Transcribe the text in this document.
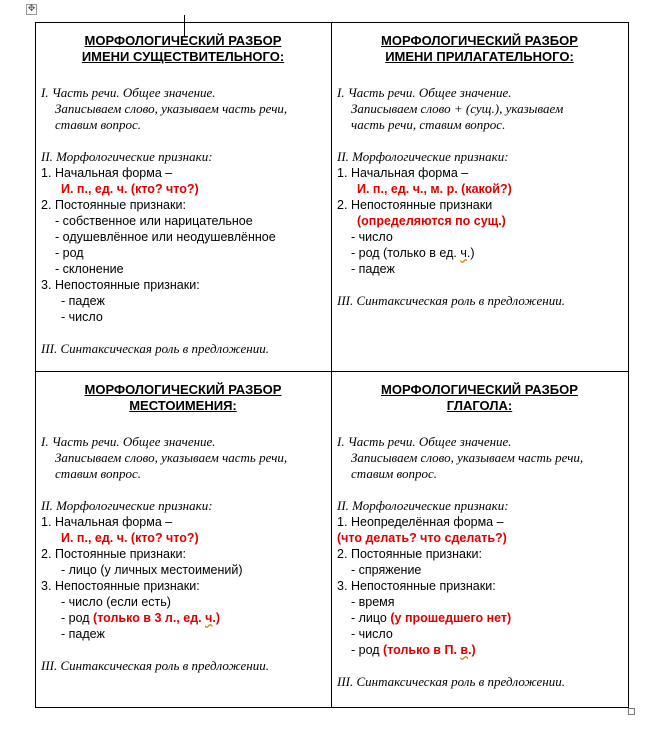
✥
МОРФОЛОГИЧЕСКИЙ РАЗБОР
ИМЕНИ СУЩЕСТВИТЕЛЬНОГО:
I. Часть речи. Общее значение.
Записываем слово, указываем часть речи,
ставим вопрос.
II. Морфологические признаки:
1. Начальная форма –
И. п., ед. ч. (кто? что?)
2. Постоянные признаки:
- собственное или нарицательное
- одушевлённое или неодушевлённое
- род
- склонение
3. Непостоянные признаки:
- падеж
- число
III. Синтаксическая роль в предложении.
МОРФОЛОГИЧЕСКИЙ РАЗБОР
ИМЕНИ ПРИЛАГАТЕЛЬНОГО:
I. Часть речи. Общее значение.
Записываем слово + (сущ.), указываем
часть речи, ставим вопрос.
II. Морфологические признаки:
1. Начальная форма –
И. п., ед. ч., м. р. (какой?)
2. Непостоянные признаки
(определяются по сущ.)
- число
- род (только в ед. ч.)
- падеж
III. Синтаксическая роль в предложении.
МОРФОЛОГИЧЕСКИЙ РАЗБОР
МЕСТОИМЕНИЯ:
I. Часть речи. Общее значение.
Записываем слово, указываем часть речи,
ставим вопрос.
II. Морфологические признаки:
1. Начальная форма –
И. п., ед. ч. (кто? что?)
2. Постоянные признаки:
- лицо (у личных местоимений)
3. Непостоянные признаки:
- число (если есть)
- род (только в 3 л., ед. ч.)
- падеж
III. Синтаксическая роль в предложении.
МОРФОЛОГИЧЕСКИЙ РАЗБОР
ГЛАГОЛА:
I. Часть речи. Общее значение.
Записываем слово, указываем часть речи,
ставим вопрос.
II. Морфологические признаки:
1. Неопределённая форма –
(что делать? что сделать?)
2. Постоянные признаки:
- спряжение
3. Непостоянные признаки:
- время
- лицо (у прошедшего нет)
- число
- род (только в П. в.)
III. Синтаксическая роль в предложении.
